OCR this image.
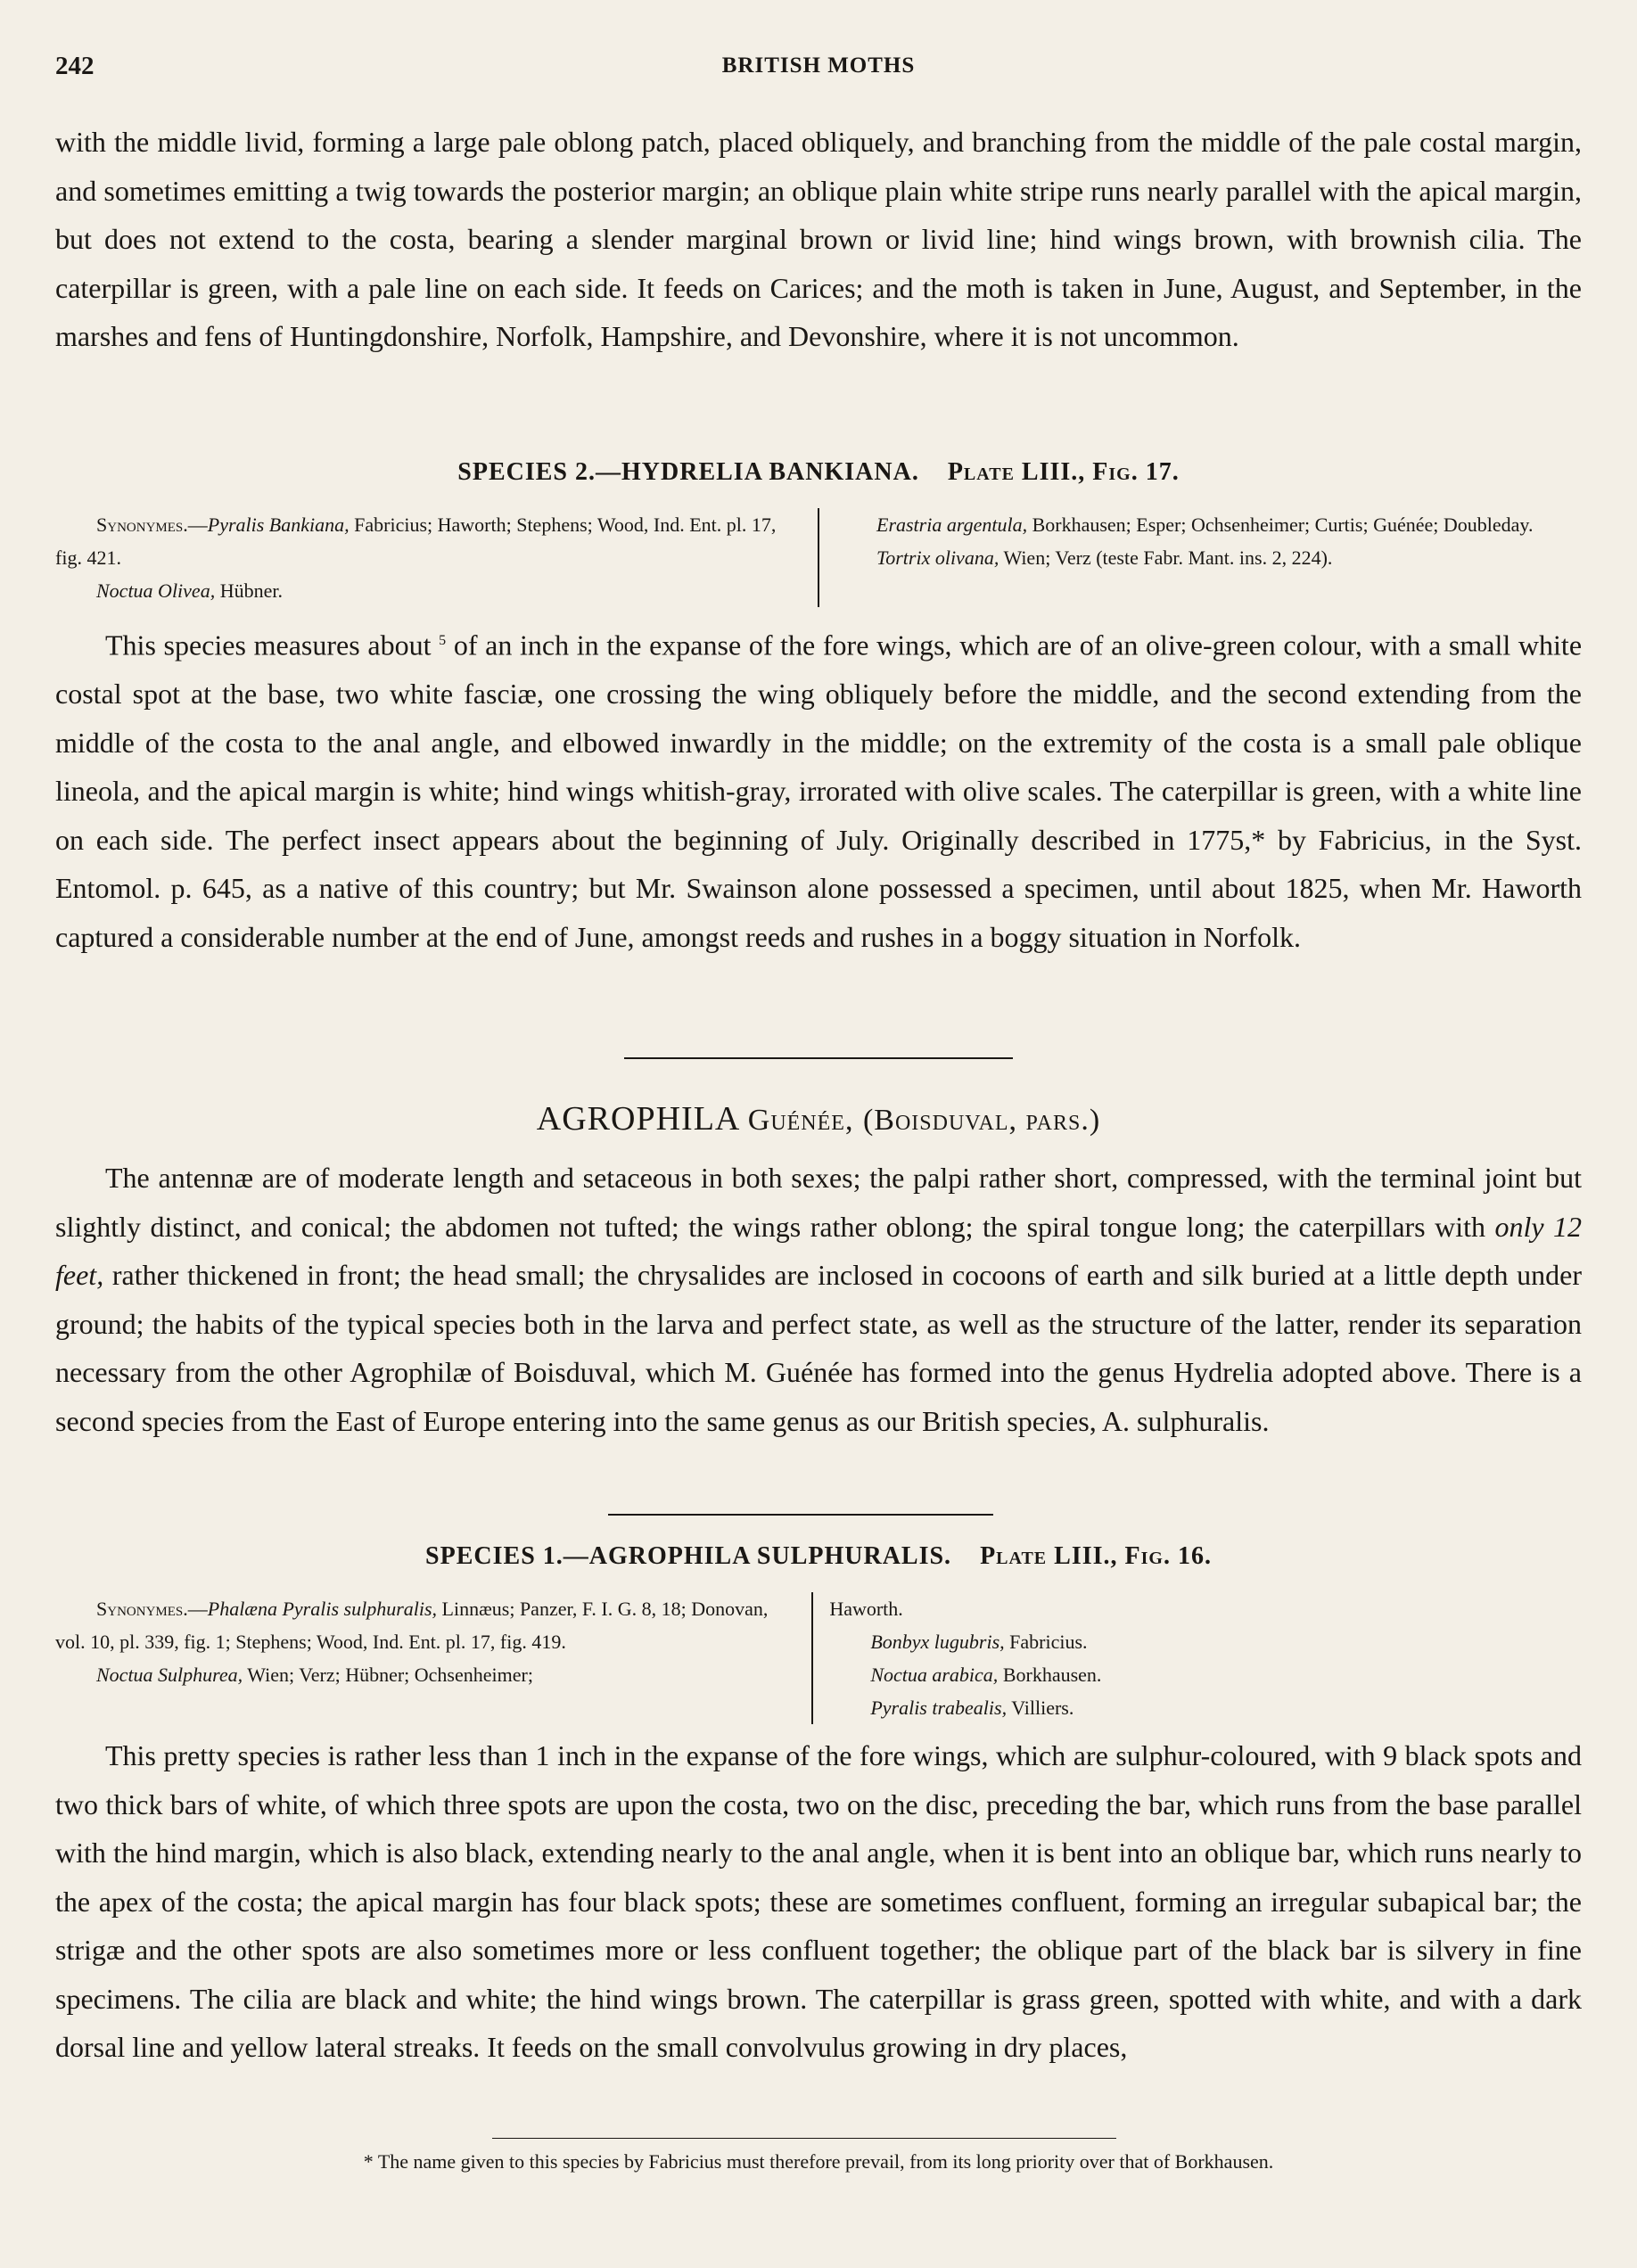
242	BRITISH MOTHS

with the middle livid, forming a large pale oblong patch, placed obliquely, and branching from the middle of the pale costal margin, and sometimes emitting a twig towards the posterior margin; an oblique plain white stripe runs nearly parallel with the apical margin, but does not extend to the costa, bearing a slender marginal brown or livid line; hind wings brown, with brownish cilia. The caterpillar is green, with a pale line on each side. It feeds on Carices; and the moth is taken in June, August, and September, in the marshes and fens of Huntingdonshire, Norfolk, Hampshire, and Devonshire, where it is not uncommon.

SPECIES 2.—HYDRELIA BANKIANA. Plate LIII., Fig. 17.
Synonymes.—Pyralis Bankiana, Fabricius; Haworth; Stephens; Wood, Ind. Ent. pl. 17, fig. 421.
Noctua Olivea, Hübner.
Erastria argentula, Borkhausen; Esper; Ochsenheimer; Curtis; Guénée; Doubleday.
Tortrix olivana, Wien; Verz (teste Fabr. Mant. ins. 2, 224).

This species measures about $^5$ of an inch in the expanse of the fore wings, which are of an olive-green colour, with a small white costal spot at the base, two white fasciæ, one crossing the wing obliquely before the middle, and the second extending from the middle of the costa to the anal angle, and elbowed inwardly in the middle; on the extremity of the costa is a small pale oblique lineola, and the apical margin is white; hind wings whitish-gray, irrorated with olive scales. The caterpillar is green, with a white line on each side. The perfect insect appears about the beginning of July. Originally described in 1775,* by Fabricius, in the Syst. Entomol. p. 645, as a native of this country; but Mr. Swainson alone possessed a specimen, until about 1825, when Mr. Haworth captured a considerable number at the end of June, amongst reeds and rushes in a boggy situation in Norfolk.

AGROPHILA Guénée, (Boisduval, pars.)

The antennæ are of moderate length and setaceous in both sexes; the palpi rather short, compressed, with the terminal joint but slightly distinct, and conical; the abdomen not tufted; the wings rather oblong; the spiral tongue long; the caterpillars with only 12 feet, rather thickened in front; the head small; the chrysalides are inclosed in cocoons of earth and silk buried at a little depth under ground; the habits of the typical species both in the larva and perfect state, as well as the structure of the latter, render its separation necessary from the other Agrophilæ of Boisduval, which M. Guénée has formed into the genus Hydrelia adopted above. There is a second species from the East of Europe entering into the same genus as our British species, A. sulphuralis.

SPECIES 1.—AGROPHILA SULPHURALIS. Plate LIII., Fig. 16.
Synonymes.—Phalæna Pyralis sulphuralis, Linnæus; Panzer, F. I. G. 8, 18; Donovan, vol. 10, pl. 339, fig. 1; Stephens; Wood, Ind. Ent. pl. 17, fig. 419.
Noctua Sulphurea, Wien; Verz; Hübner; Ochsenheimer;
Haworth.
Bonbyx lugubris, Fabricius.
Noctua arabica, Borkhausen.
Pyralis trabealis, Villiers.

This pretty species is rather less than 1 inch in the expanse of the fore wings, which are sulphur-coloured, with 9 black spots and two thick bars of white, of which three spots are upon the costa, two on the disc, preceding the bar, which runs from the base parallel with the hind margin, which is also black, extending nearly to the anal angle, when it is bent into an oblique bar, which runs nearly to the apex of the costa; the apical margin has four black spots; these are sometimes confluent, forming an irregular subapical bar; the strigæ and the other spots are also sometimes more or less confluent together; the oblique part of the black bar is silvery in fine specimens. The cilia are black and white; the hind wings brown. The caterpillar is grass green, spotted with white, and with a dark dorsal line and yellow lateral streaks. It feeds on the small convolvulus growing in dry places,

* The name given to this species by Fabricius must therefore prevail, from its long priority over that of Borkhausen.
